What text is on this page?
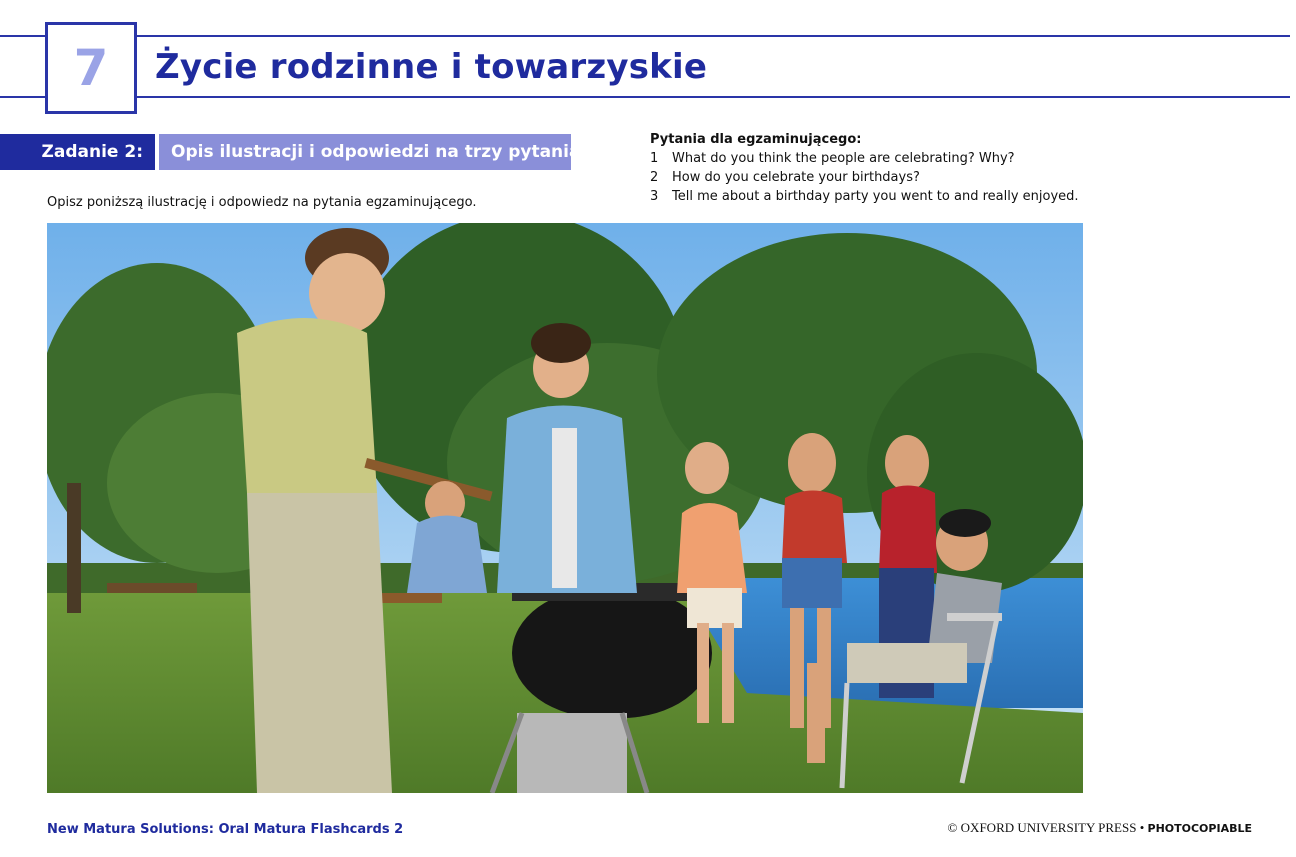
7 Życie rodzinne i towarzyskie
Zadanie 2:	Opis ilustracji i odpowiedzi na trzy pytania
Opisz poniższą ilustrację i odpowiedz na pytania egzaminującego.
Pytania dla egzaminującego:
1	What do you think the people are celebrating? Why?
2	How do you celebrate your birthdays?
3	Tell me about a birthday party you went to and really enjoyed.
New Matura Solutions: Oral Matura Flashcards 2	© OXFORD UNIVERSITY PRESS • PHOTOCOPIABLE
